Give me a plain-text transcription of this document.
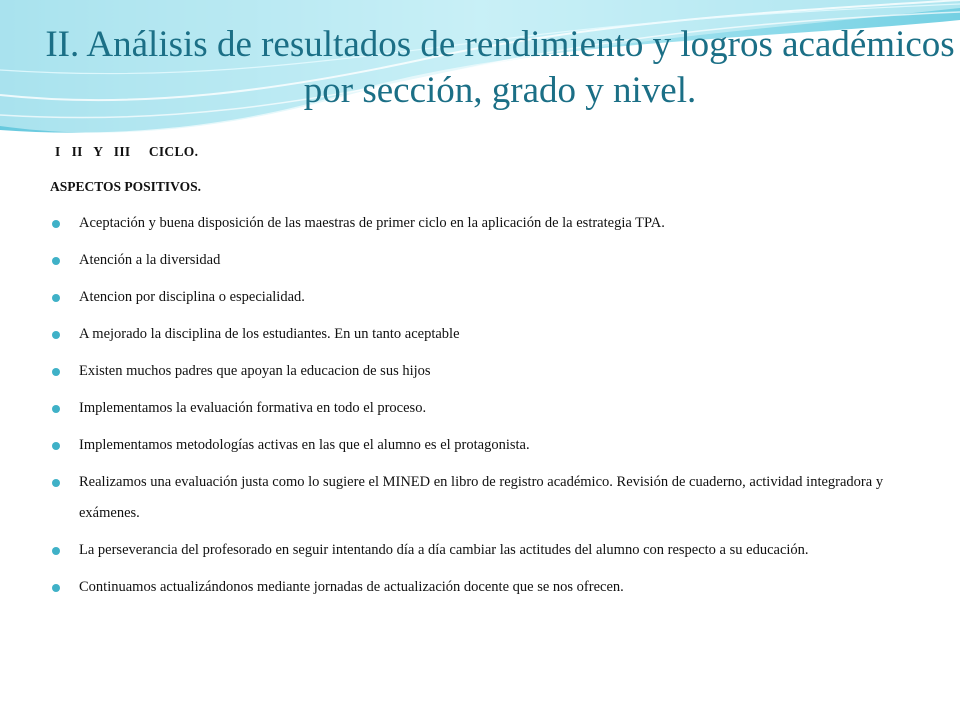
II. Análisis de resultados de rendimiento y logros académicos por sección, grado y nivel.
I   II   Y   III     CICLO.
ASPECTOS POSITIVOS.
Aceptación y buena disposición de las maestras de primer ciclo en la aplicación de la estrategia TPA.
Atención a la diversidad
Atencion por disciplina o especialidad.
A mejorado la disciplina de los estudiantes. En un tanto aceptable
Existen muchos padres que apoyan la educacion de sus hijos
Implementamos la evaluación formativa en todo el proceso.
Implementamos metodologías activas en las que el alumno es el protagonista.
Realizamos una evaluación justa como lo sugiere el MINED en libro de registro académico. Revisión de cuaderno, actividad integradora y exámenes.
La perseverancia del profesorado en seguir intentando día a día cambiar las actitudes del alumno con respecto a su educación.
Continuamos actualizándonos mediante jornadas de actualización docente que se nos ofrecen.
